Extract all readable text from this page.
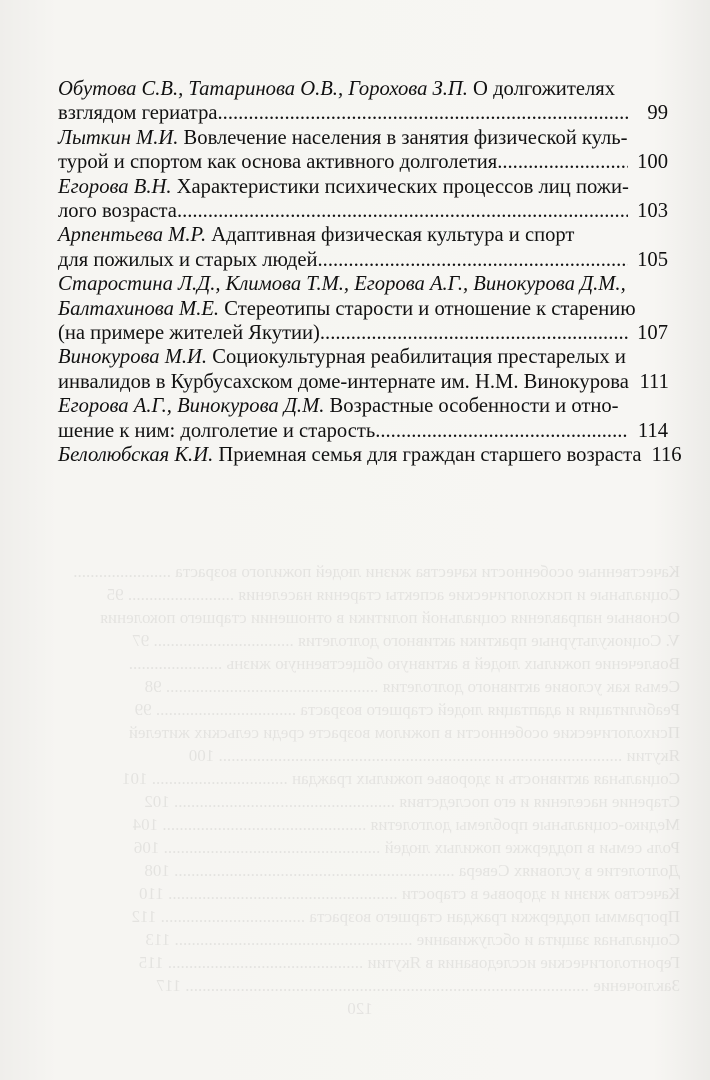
Обутова С.В., Татаринова О.В., Горохова З.П. О долгожителях
взглядом гериатра .....	99
Лыткин М.И. Вовлечение населения в занятия физической куль-
турой и спортом как основа активного долголетия .....	100
Егорова В.Н. Характеристики психических процессов лиц пожи-
лого возраста .....	103
Арпентьева М.Р. Адаптивная физическая культура и спорт
для пожилых и старых людей .....	105
Старостина Л.Д., Климова Т.М., Егорова А.Г., Винокурова Д.М.,
Балтахинова М.Е. Стереотипы старости и отношение к старению
(на примере жителей Якутии) .....	107
Винокурова М.И. Социокультурная реабилитация престарелых и
инвалидов в Курбусахском доме-интернате им. Н.М. Винокурова 111
Егорова А.Г., Винокурова Д.М. Возрастные особенности и отно-
шение к ним: долголетие и старость .....	114
Белолюбская К.И. Приемная семья для граждан старшего возраста 116
Качественные особенности качества жизни людей пожилого возраста .......................
Социальные и психологические аспекты старения населения ......................... 95
Основные направления социальной политики в отношении старшего поколения
V. Социокультурные практики активного долголетия ................................. 97
Вовлечение пожилых людей в активную общественную жизнь ......................
Семья как условие активного долголетия .................................................. 98
Реабилитация и адаптация людей старшего возраста ................................. 99
Психологические особенности в пожилом возрасте среди сельских жителей
Якутии ............................................................................................... 100
Социальная активность и здоровье пожилых граждан ................................ 101
Старение населения и его последствия .................................................... 102
Медико-социальные проблемы долголетия ................................................ 104
Роль семьи в поддержке пожилых людей ................................................... 106
Долголетие в условиях Севера .................................................................. 108
Качество жизни и здоровье в старости ...................................................... 110
Программы поддержки граждан старшего возраста .................................. 112
Социальная защита и обслуживание ........................................................ 113
Геронтологические исследования в Якутии .............................................. 115
Заключение ............................................................................................... 117
120
